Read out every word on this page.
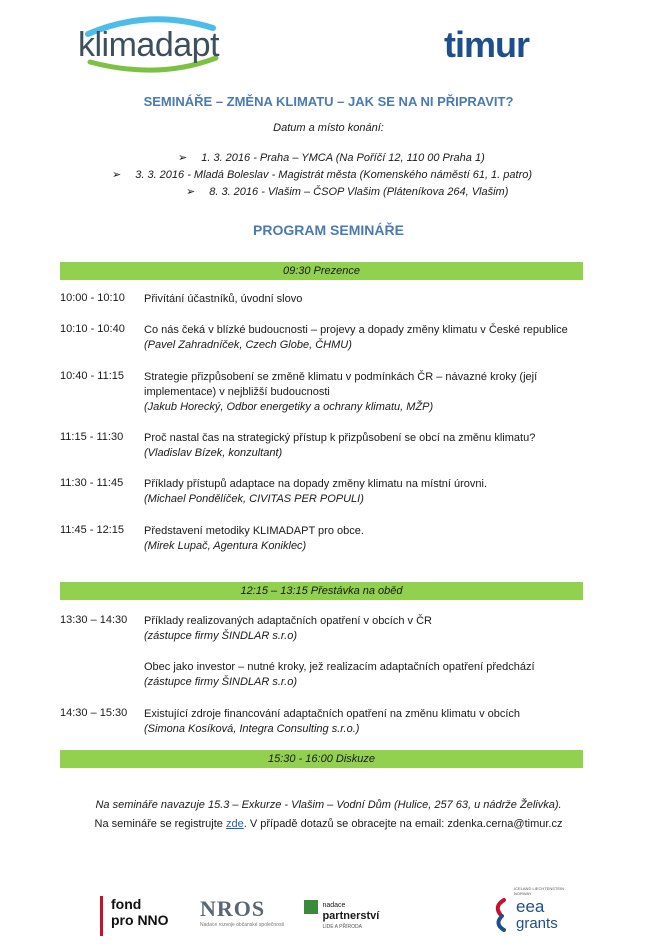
klimadapt	timur
SEMINÁŘE – ZMĚNA KLIMATU – JAK SE NA NI PŘIPRAVIT?
Datum a místo konání:
➢ 1. 3. 2016 - Praha – YMCA (Na Poříčí 12, 110 00 Praha 1)
➢ 3. 3. 2016 - Mladá Boleslav - Magistrát města (Komenského náměstí 61, 1. patro)
➢ 8. 3. 2016 - Vlašim – ČSOP Vlašim (Pláteníkova 264, Vlašim)
PROGRAM SEMINÁŘE
09:30 Prezence
10:00 - 10:10 Přivítání účastníků, úvodní slovo
10:10 - 10:40 Co nás čeká v blízké budoucnosti – projevy a dopady změny klimatu v České republice
(Pavel Zahradníček, Czech Globe, ČHMU)
10:40 - 11:15 Strategie přizpůsobení se změně klimatu v podmínkách ČR – návazné kroky (její implementace) v nejbližší budoucnosti
(Jakub Horecký, Odbor energetiky a ochrany klimatu, MŽP)
11:15 - 11:30 Proč nastal čas na strategický přístup k přizpůsobení se obcí na změnu klimatu?
(Vladislav Bízek, konzultant)
11:30 - 11:45 Příklady přístupů adaptace na dopady změny klimatu na místní úrovni.
(Michael Pondělíček, CIVITAS PER POPULI)
11:45 - 12:15 Představení metodiky KLIMADAPT pro obce.
(Mirek Lupač, Agentura Koniklec)
12:15 – 13:15 Přestávka na oběd
13:30 – 14:30 Příklady realizovaných adaptačních opatření v obcích v ČR
(zástupce firmy ŠINDLAR s.r.o)
Obec jako investor – nutné kroky, jež realizacím adaptačních opatření předchází
(zástupce firmy ŠINDLAR s.r.o)
14:30 – 15:30 Existující zdroje financování adaptačních opatření na změnu klimatu v obcích
(Simona Kosíková, Integra Consulting s.r.o.)
15:30 - 16:00 Diskuze
Na semináře navazuje 15.3 – Exkurze - Vlašim – Vodní Dům (Hulice, 257 63, u nádrže Želivka).
Na semináře se registrujte zde. V případě dotazů se obracejte na email: zdenka.cerna@timur.cz
fond
pro NNO	NROS
Nadace rozvoje občanské společnosti

nadace
partnerství
LIDÉ A PŘÍRODA
ICELAND LIECHTENSTEIN NORWAY
eea
grants
